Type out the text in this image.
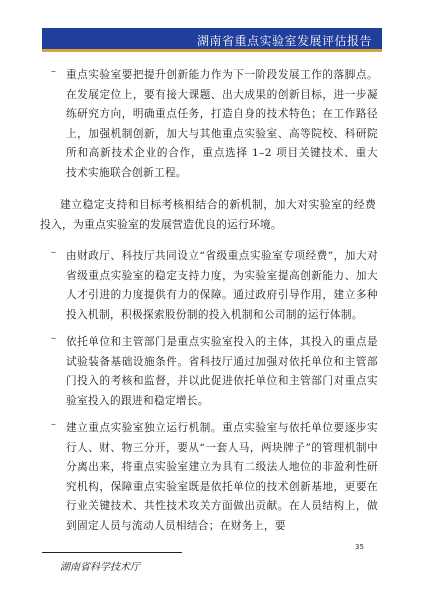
湖南省重点实验室发展评估报告
– 重点实验室要把提升创新能力作为下一阶段发展工作的落脚点。在发展定位上，要有接大课题、出大成果的创新目标，进一步凝练研究方向，明确重点任务，打造自身的技术特色；在工作路径上，加强机制创新，加大与其他重点实验室、高等院校、科研院所和高新技术企业的合作，重点选择 1–2 项目关键技术、重大技术实施联合创新工程。

建立稳定支持和目标考核相结合的新机制，加大对实验室的经费投入，为重点实验室的发展营造优良的运行环境。

– 由财政厅、科技厅共同设立“省级重点实验室专项经费”，加大对省级重点实验室的稳定支持力度，为实验室提高创新能力、加大人才引进的力度提供有力的保障。通过政府引导作用，建立多种投入机制，积极探索股份制的投入机制和公司制的运行体制。

– 依托单位和主管部门是重点实验室投入的主体，其投入的重点是试验装备基础设施条件。省科技厅通过加强对依托单位和主管部门投入的考核和监督，并以此促进依托单位和主管部门对重点实验室投入的跟进和稳定增长。

– 建立重点实验室独立运行机制。重点实验室与依托单位要逐步实行人、财、物三分开，要从“一套人马，两块牌子”的管理机制中分离出来，将重点实验室建立为具有二级法人地位的非盈利性研究机构，保障重点实验室既是依托单位的技术创新基地，更要在行业关键技术、共性技术攻关方面做出贡献。在人员结构上，做到固定人员与流动人员相结合；在财务上，要

湖南省科学技术厅
35
